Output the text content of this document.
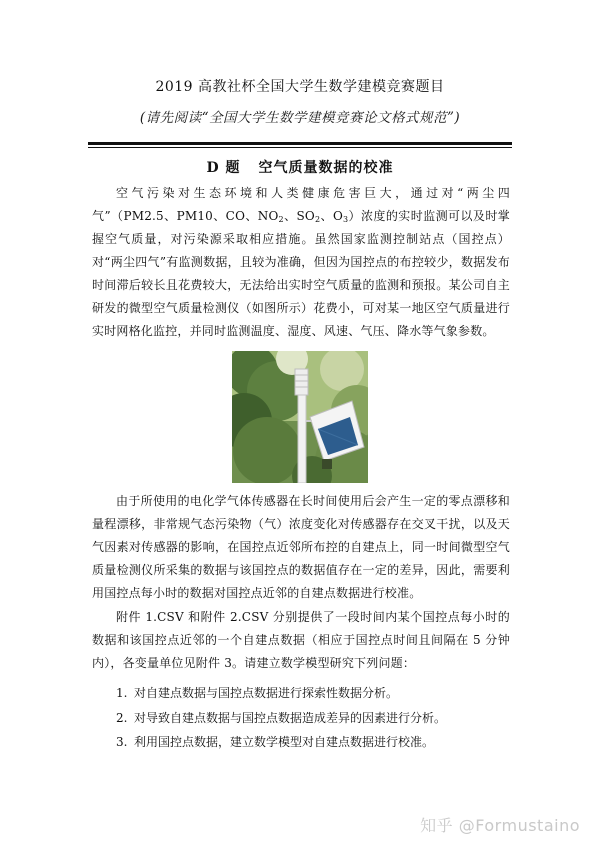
2019 高教社杯全国大学生数学建模竞赛题目
(请先阅读“全国大学生数学建模竞赛论文格式规范”)
D 题 空气质量数据的校准
空气污染对生态环境和人类健康危害巨大，通过对“两尘四气”（PM2.5、PM10、CO、$NO_2$、$SO_2$、$O_3$）浓度的实时监测可以及时掌握空气质量，对污染源采取相应措施。虽然国家监测控制站点（国控点）对“两尘四气”有监测数据，且较为准确，但因为国控点的布控较少，数据发布时间滞后较长且花费较大，无法给出实时空气质量的监测和预报。某公司自主研发的微型空气质量检测仪（如图所示）花费小，可对某一地区空气质量进行实时网格化监控，并同时监测温度、湿度、风速、气压、降水等气象参数。
由于所使用的电化学气体传感器在长时间使用后会产生一定的零点漂移和量程漂移，非常规气态污染物（气）浓度变化对传感器存在交叉干扰，以及天气因素对传感器的影响，在国控点近邻所布控的自建点上，同一时间微型空气质量检测仪所采集的数据与该国控点的数据值存在一定的差异，因此，需要利用国控点每小时的数据对国控点近邻的自建点数据进行校准。
附件 1.CSV 和附件 2.CSV 分别提供了一段时间内某个国控点每小时的数据和该国控点近邻的一个自建点数据（相应于国控点时间且间隔在 5 分钟内），各变量单位见附件 3。请建立数学模型研究下列问题：
1. 对自建点数据与国控点数据进行探索性数据分析。
2. 对导致自建点数据与国控点数据造成差异的因素进行分析。
3. 利用国控点数据，建立数学模型对自建点数据进行校准。
知乎 @Formustaino
